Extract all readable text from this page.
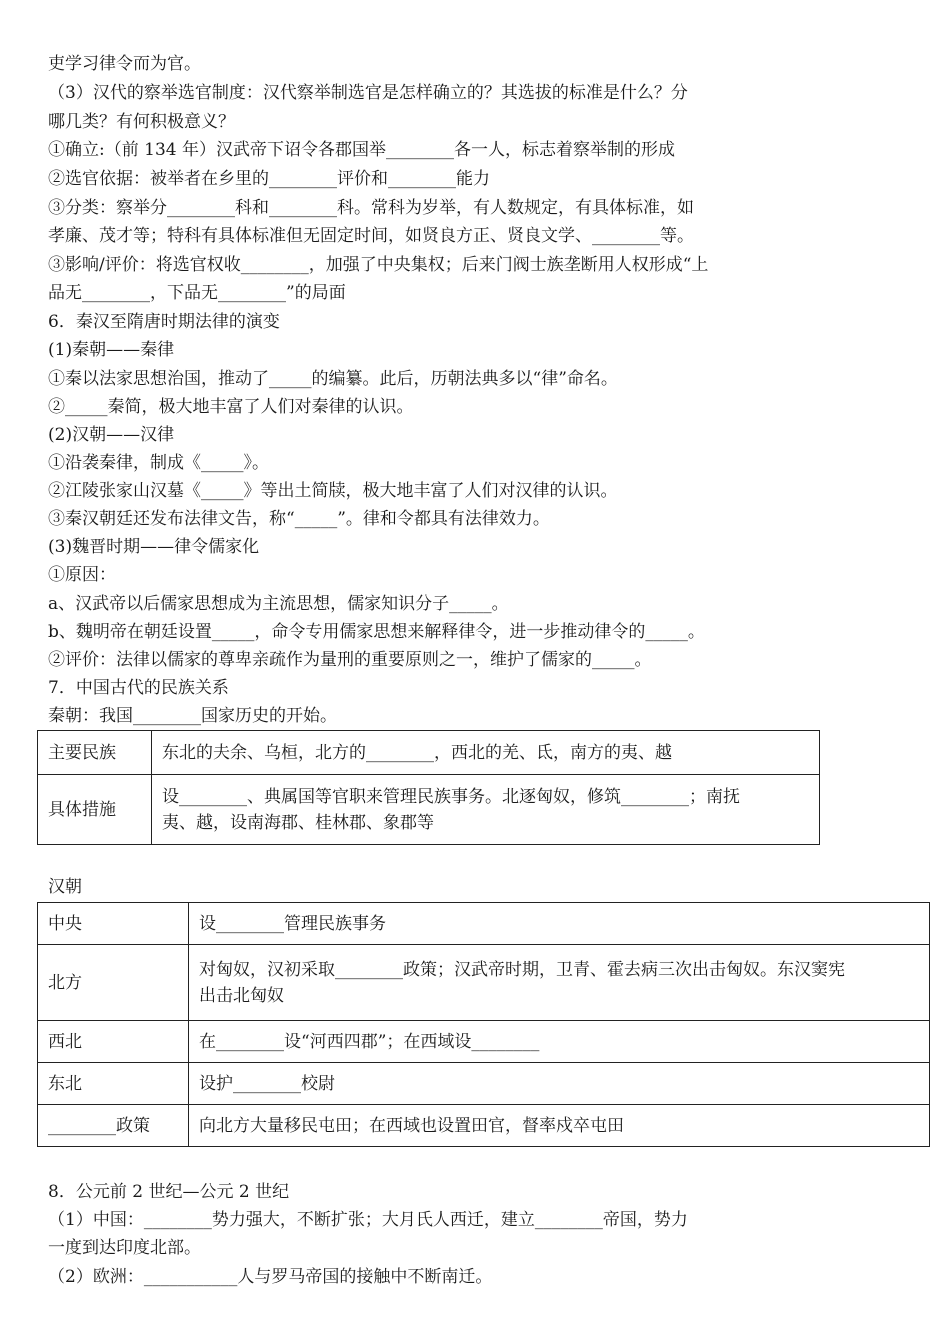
吏学习律令而为官。
（3）汉代的察举选官制度：汉代察举制选官是怎样确立的？其选拔的标准是什么？分
哪几类？有何积极意义？
①确立:（前 134 年）汉武帝下诏令各郡国举________各一人，标志着察举制的形成
②选官依据：被举者在乡里的________评价和________能力
③分类：察举分________科和________科。常科为岁举，有人数规定，有具体标准，如
孝廉、茂才等；特科有具体标准但无固定时间，如贤良方正、贤良文学、________等。
③影响/评价：将选官权收________，加强了中央集权；后来门阀士族垄断用人权形成“上
品无________，下品无________”的局面
6．秦汉至隋唐时期法律的演变
(1)秦朝——秦律
①秦以法家思想治国，推动了_____的编纂。此后，历朝法典多以“律”命名。
②_____秦简，极大地丰富了人们对秦律的认识。
(2)汉朝——汉律
①沿袭秦律，制成《_____》。
②江陵张家山汉墓《_____》等出土简牍，极大地丰富了人们对汉律的认识。
③秦汉朝廷还发布法律文告，称“_____”。律和令都具有法律效力。
(3)魏晋时期——律令儒家化
①原因：
a、汉武帝以后儒家思想成为主流思想，儒家知识分子_____。
b、魏明帝在朝廷设置_____，命令专用儒家思想来解释律令，进一步推动律令的_____。
②评价：法律以儒家的尊卑亲疏作为量刑的重要原则之一，维护了儒家的_____。
7．中国古代的民族关系
秦朝：我国________国家历史的开始。
主要民族	东北的夫余、乌桓，北方的________，西北的羌、氐，南方的夷、越

具体措施	设________、典属国等官职来管理民族事务。北逐匈奴，修筑________；南抚
夷、越，设南海郡、桂林郡、象郡等
汉朝
中央	设________管理民族事务

北方	对匈奴，汉初采取________政策；汉武帝时期，卫青、霍去病三次出击匈奴。东汉窦宪
出击北匈奴

西北	在________设“河西四郡”；在西域设________

东北	设护________校尉

________政策	向北方大量移民屯田；在西域也设置田官，督率戍卒屯田
8．公元前 2 世纪—公元 2 世纪
（1）中国：________势力强大，不断扩张；大月氏人西迁，建立________帝国，势力
一度到达印度北部。
（2）欧洲：___________人与罗马帝国的接触中不断南迁。
